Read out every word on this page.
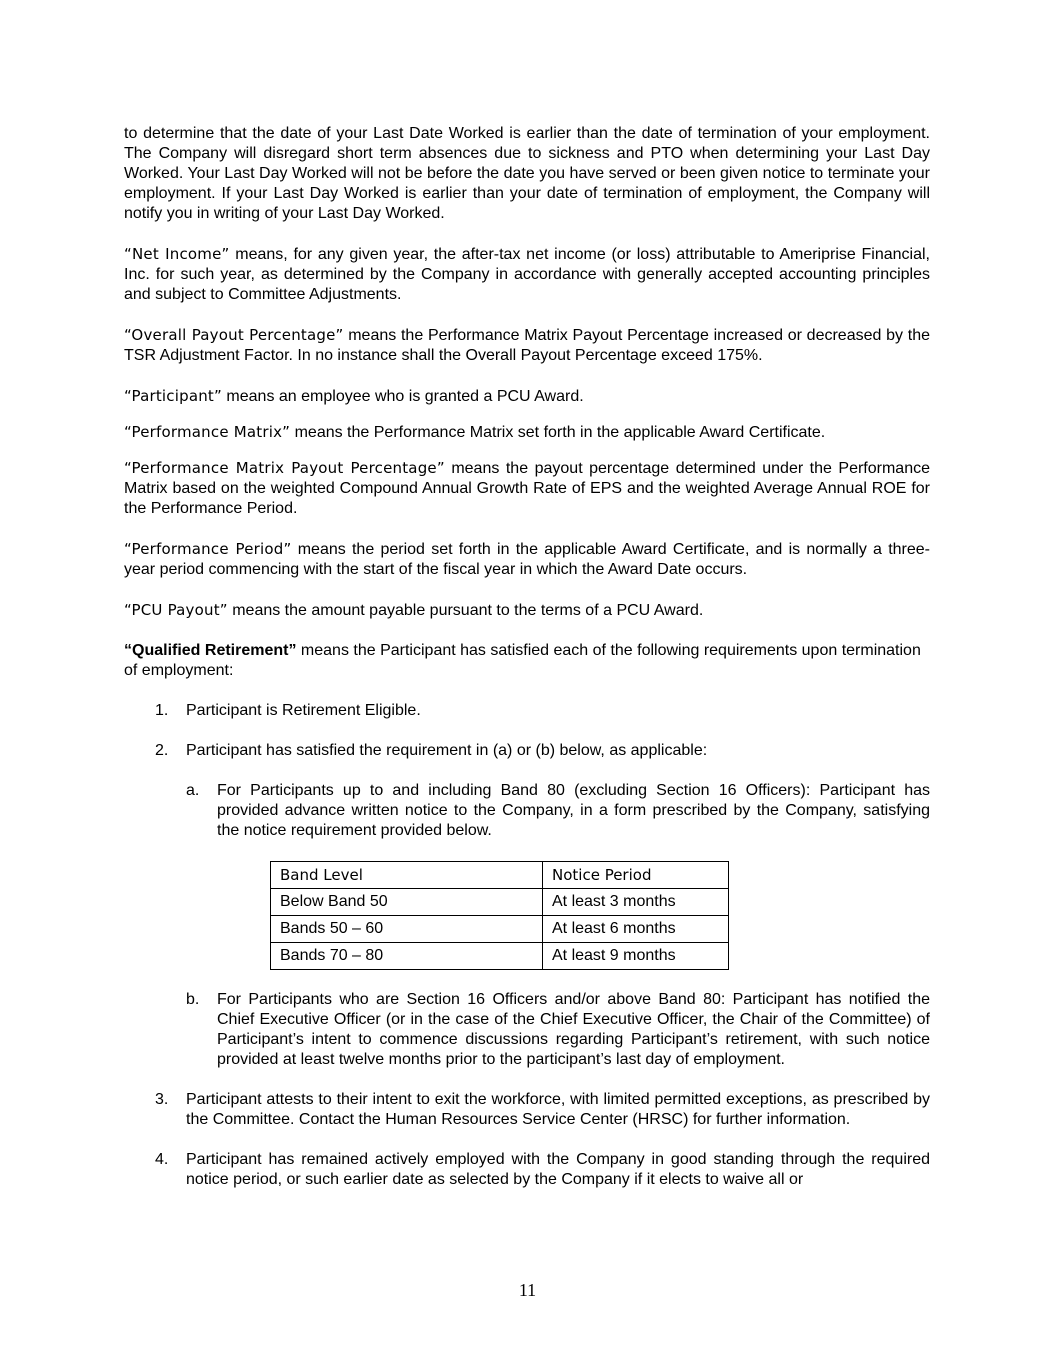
to determine that the date of your Last Date Worked is earlier than the date of termination of your employment. The Company will disregard short term absences due to sickness and PTO when determining your Last Day Worked. Your Last Day Worked will not be before the date you have served or been given notice to terminate your employment. If your Last Day Worked is earlier than your date of termination of employment, the Company will notify you in writing of your Last Day Worked.

“Net Income” means, for any given year, the after-tax net income (or loss) attributable to Ameriprise Financial, Inc. for such year, as determined by the Company in accordance with generally accepted accounting principles and subject to Committee Adjustments.

“Overall Payout Percentage” means the Performance Matrix Payout Percentage increased or decreased by the TSR Adjustment Factor. In no instance shall the Overall Payout Percentage exceed 175%.

“Participant” means an employee who is granted a PCU Award.

“Performance Matrix” means the Performance Matrix set forth in the applicable Award Certificate.

“Performance Matrix Payout Percentage” means the payout percentage determined under the Performance Matrix based on the weighted Compound Annual Growth Rate of EPS and the weighted Average Annual ROE for the Performance Period.

“Performance Period” means the period set forth in the applicable Award Certificate, and is normally a three-year period commencing with the start of the fiscal year in which the Award Date occurs.

“PCU Payout” means the amount payable pursuant to the terms of a PCU Award.

“Qualified Retirement” means the Participant has satisfied each of the following requirements upon termination of employment:

1. Participant is Retirement Eligible.
2. Participant has satisfied the requirement in (a) or (b) below, as applicable:
a. For Participants up to and including Band 80 (excluding Section 16 Officers): Participant has provided advance written notice to the Company, in a form prescribed by the Company, satisfying the notice requirement provided below.
Band Level	Notice Period
Below Band 50	At least 3 months
Bands 50 – 60	At least 6 months
Bands 70 – 80	At least 9 months
b. For Participants who are Section 16 Officers and/or above Band 80: Participant has notified the Chief Executive Officer (or in the case of the Chief Executive Officer, the Chair of the Committee) of Participant’s intent to commence discussions regarding Participant’s retirement, with such notice provided at least twelve months prior to the participant’s last day of employment.
3. Participant attests to their intent to exit the workforce, with limited permitted exceptions, as prescribed by the Committee. Contact the Human Resources Service Center (HRSC) for further information.
4. Participant has remained actively employed with the Company in good standing through the required notice period, or such earlier date as selected by the Company if it elects to waive all or
11
